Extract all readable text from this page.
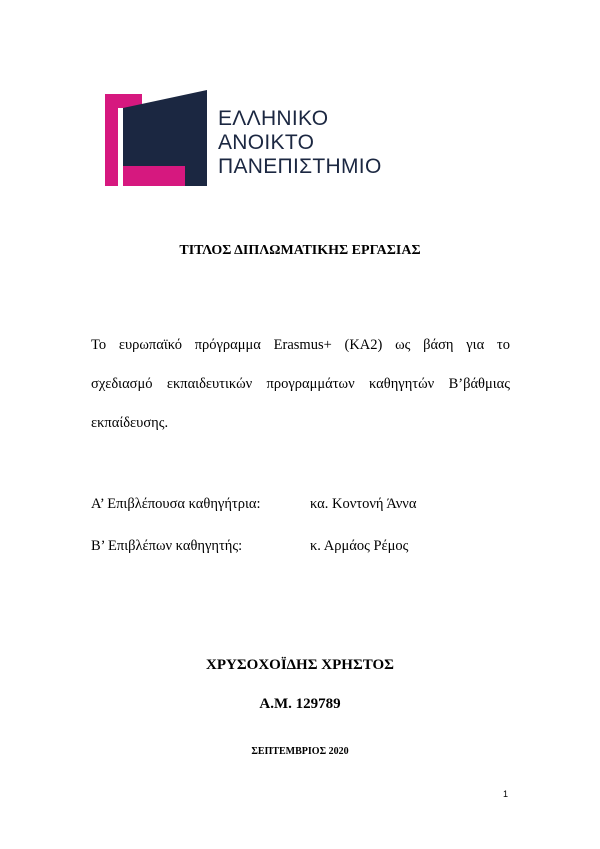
ΕΛΛΗΝΙΚΟ
ΑΝΟΙΚΤΟ
ΠΑΝΕΠΙΣΤΗΜΙΟ
ΤΙΤΛΟΣ ΔΙΠΛΩΜΑΤΙΚΗΣ ΕΡΓΑΣΙΑΣ
Το ευρωπαϊκό πρόγραμμα Erasmus+ (KA2) ως βάση για το
σχεδιασμό εκπαιδευτικών προγραμμάτων καθηγητών Β’βάθμιας
εκπαίδευσης.
Α’ Επιβλέπουσα καθηγήτρια:	κα. Κοντονή Άννα
Β’ Επιβλέπων καθηγητής:	κ. Αρμάος Ρέμος
ΧΡΥΣΟΧΟΪΔΗΣ ΧΡΗΣΤΟΣ
Α.Μ. 129789
ΣΕΠΤΕΜΒΡΙΟΣ 2020
1
